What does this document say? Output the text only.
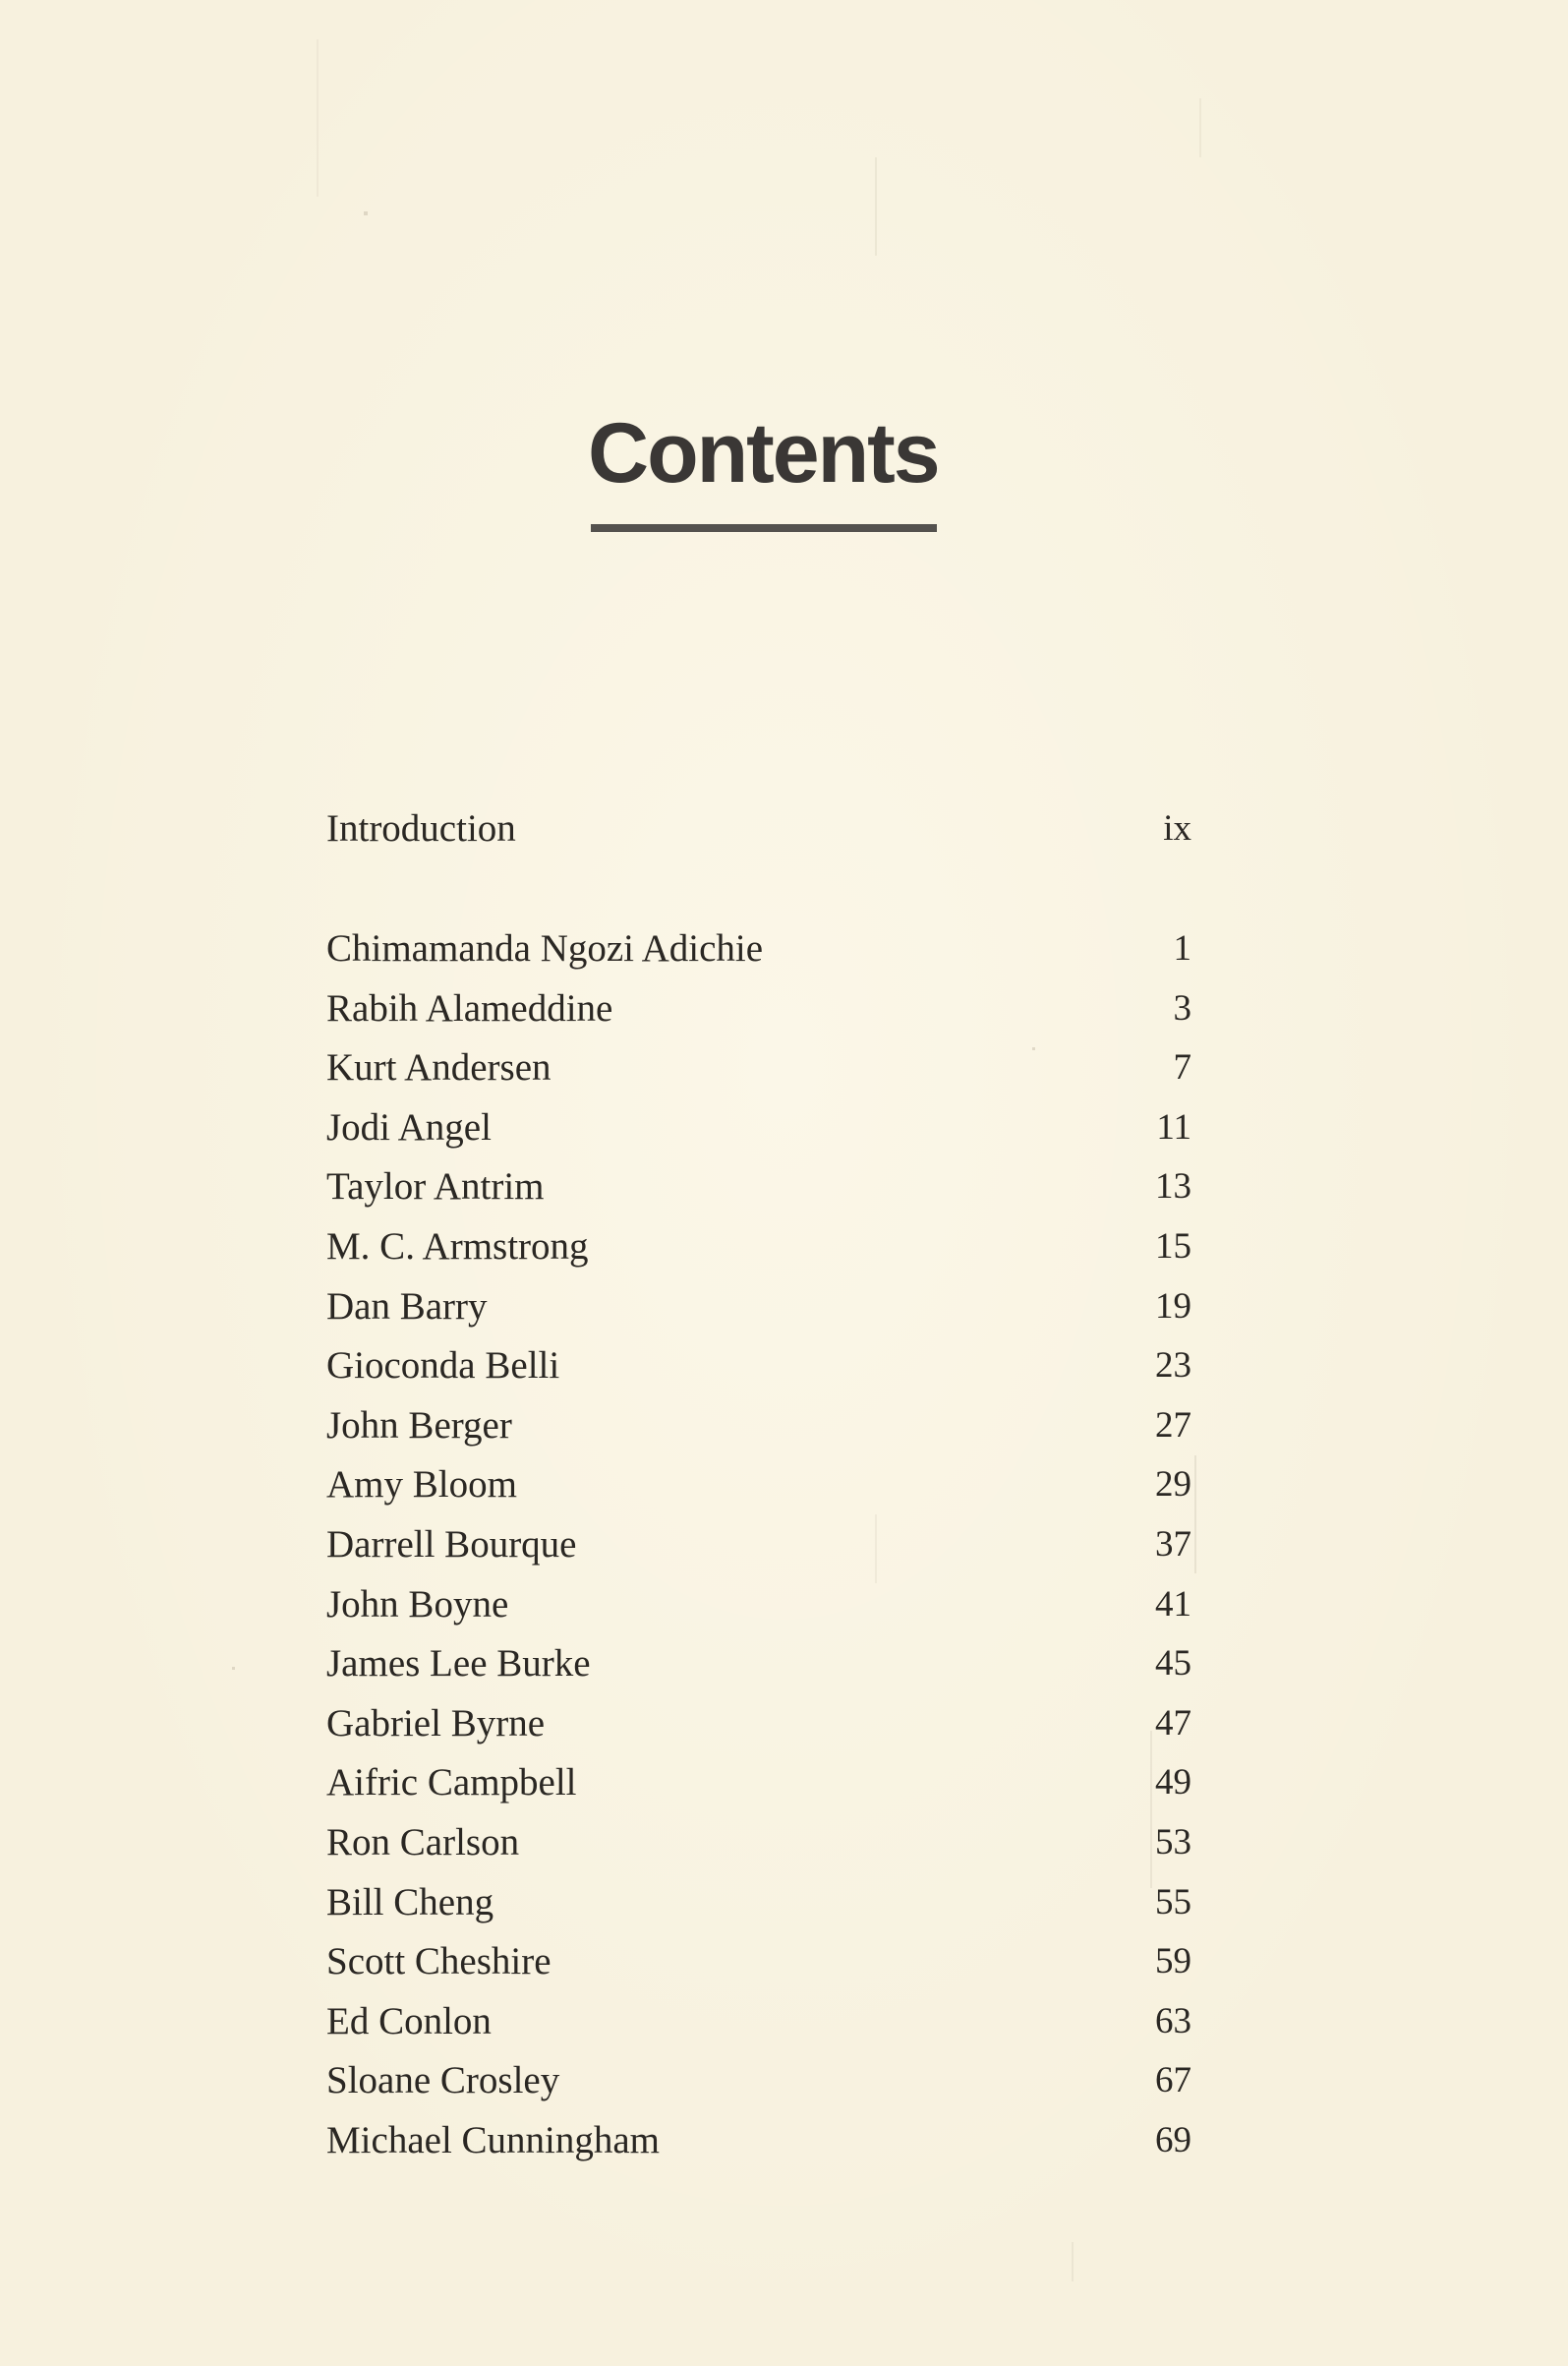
Contents
Introduction	ix
Chimamanda Ngozi Adichie	1
Rabih Alameddine	3
Kurt Andersen	7
Jodi Angel	11
Taylor Antrim	13
M. C. Armstrong	15
Dan Barry	19
Gioconda Belli	23
John Berger	27
Amy Bloom	29
Darrell Bourque	37
John Boyne	41
James Lee Burke	45
Gabriel Byrne	47
Aifric Campbell	49
Ron Carlson	53
Bill Cheng	55
Scott Cheshire	59
Ed Conlon	63
Sloane Crosley	67
Michael Cunningham	69
